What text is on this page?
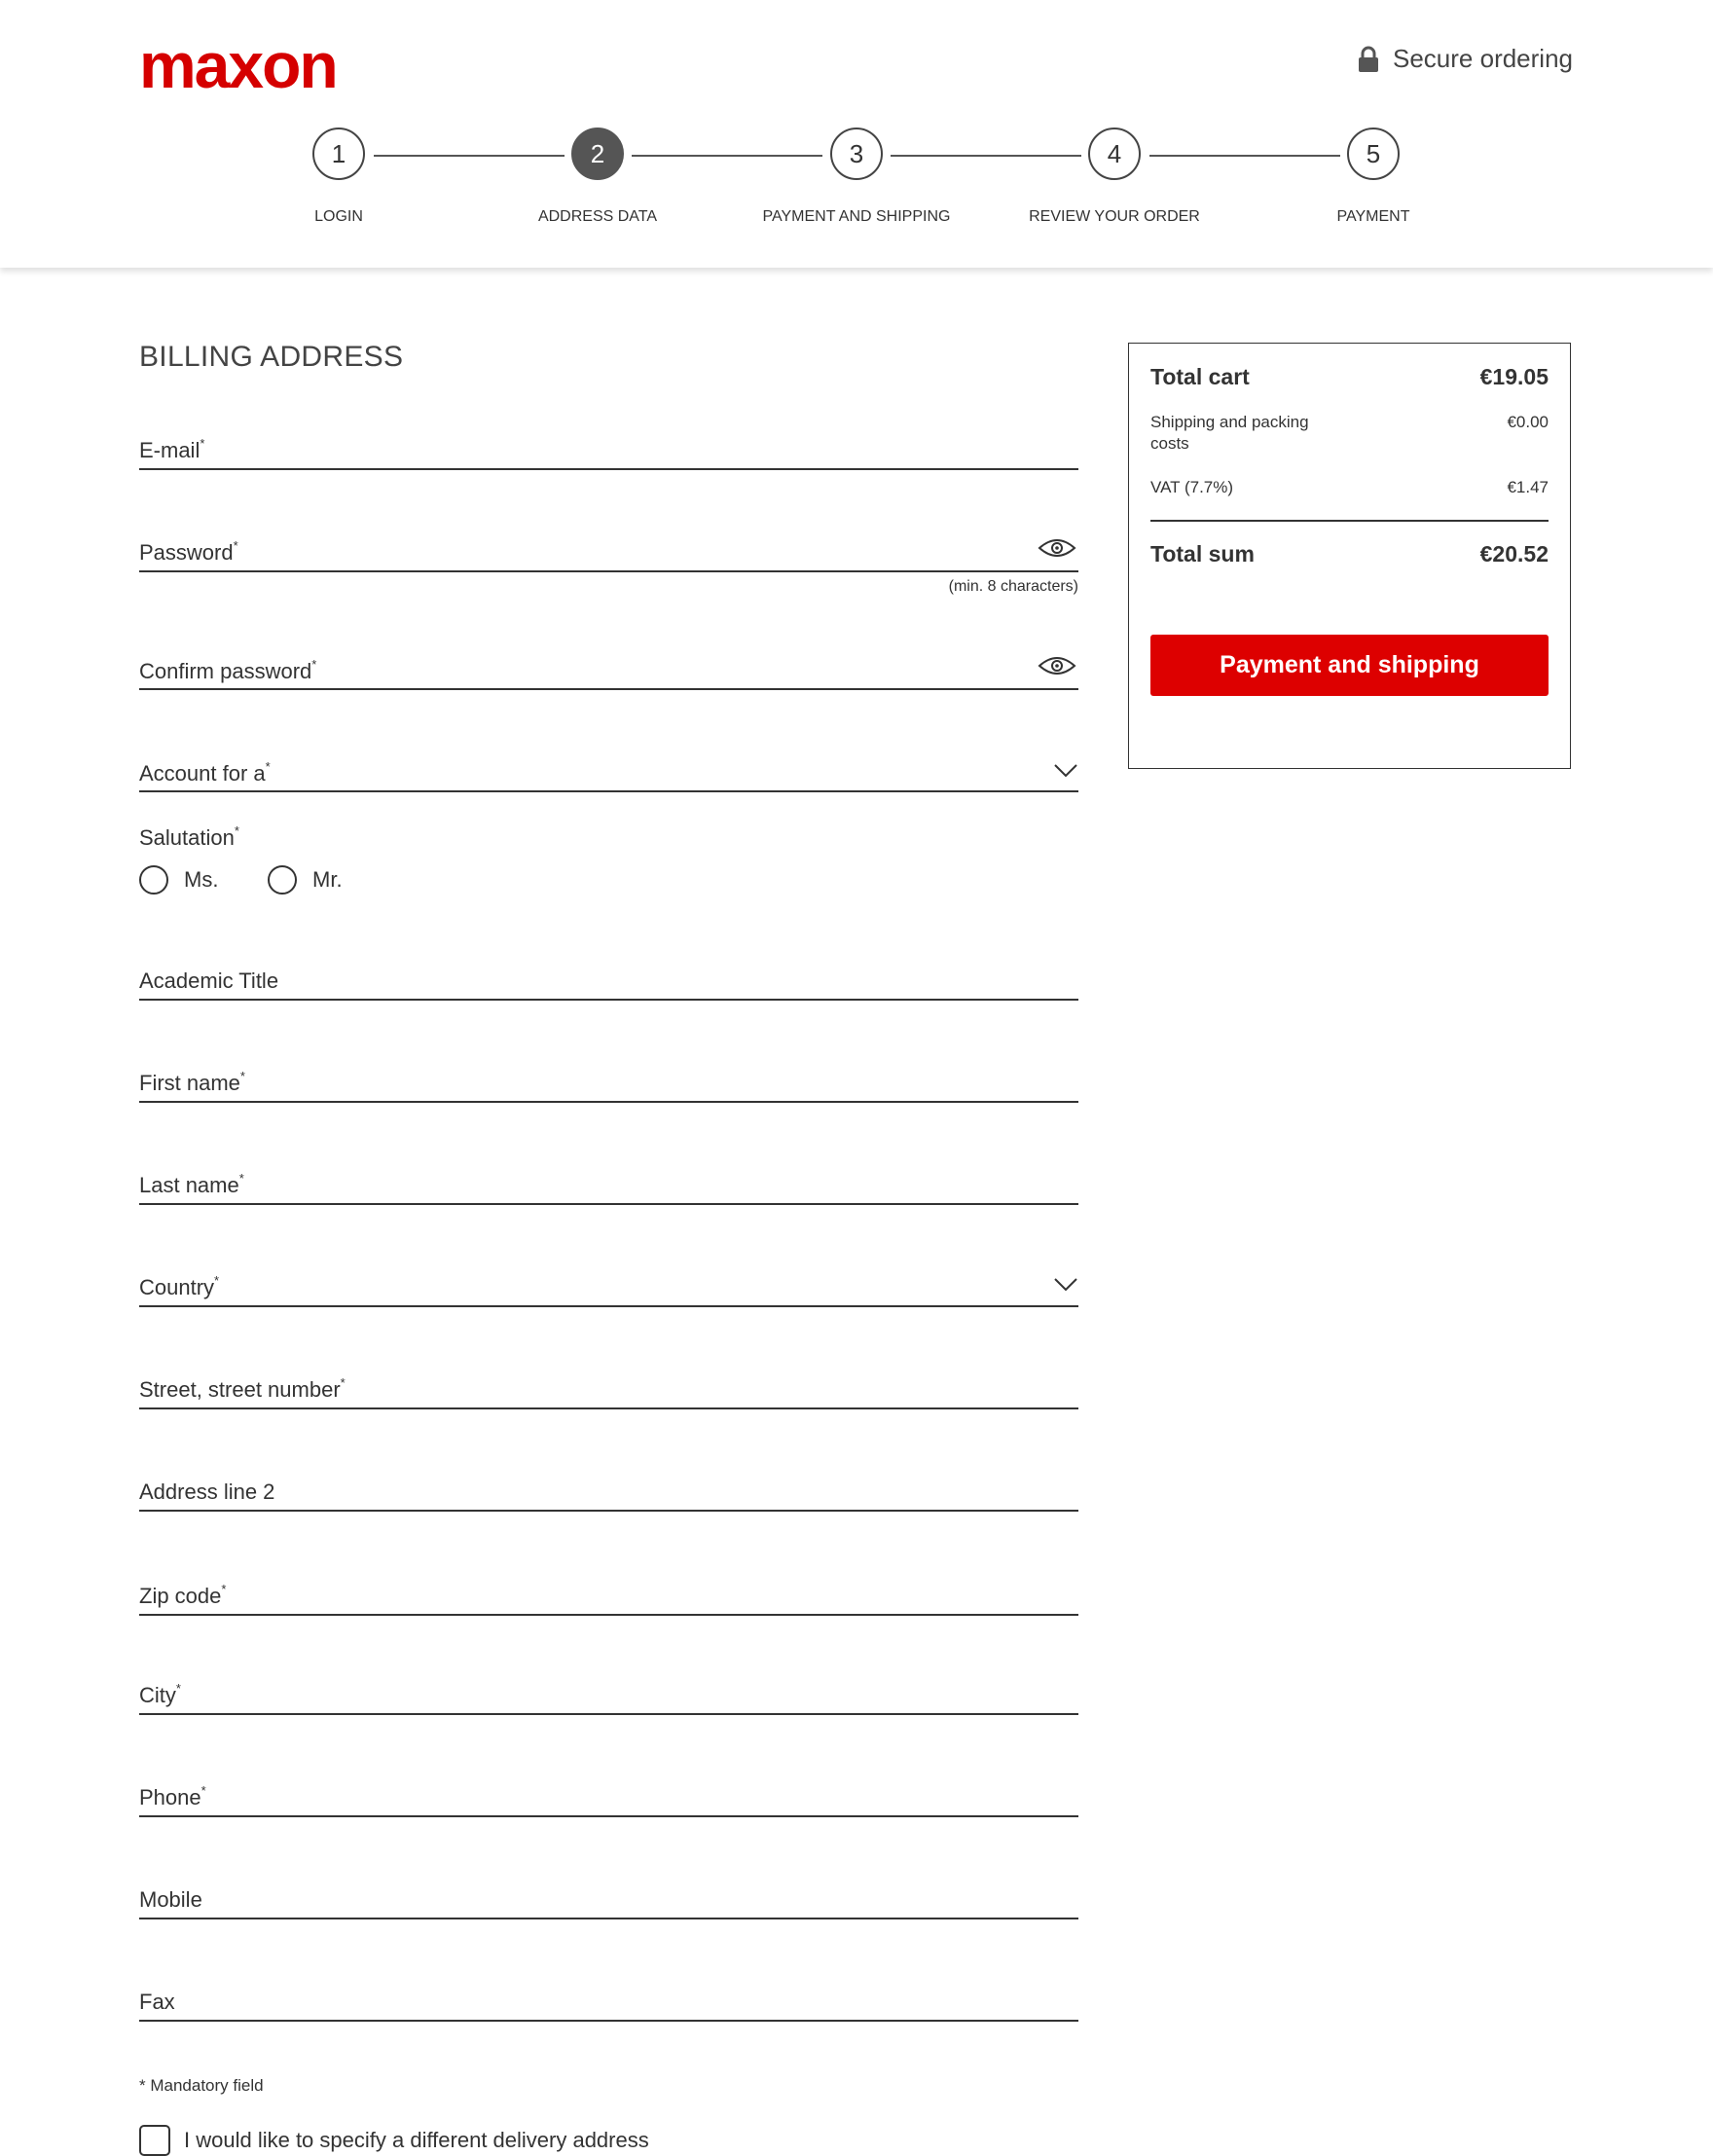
maxon	Secure ordering
1
LOGIN
2
ADDRESS DATA
3
PAYMENT AND SHIPPING
4
REVIEW YOUR ORDER
5
PAYMENT
BILLING ADDRESS
E-mail*
Password*
(min. 8 characters)
Confirm password*
Account for a*
Salutation*
Ms.	Mr.
Academic Title
First name*
Last name*
Country*
Street, street number*
Address line 2
Zip code*
City*
Phone*
Mobile
Fax
* Mandatory field
I would like to specify a different delivery address
Total cart	€19.05
Shipping and packing costs
€0.00
VAT (7.7%)	€1.47
Total sum	€20.52
Payment and shipping
